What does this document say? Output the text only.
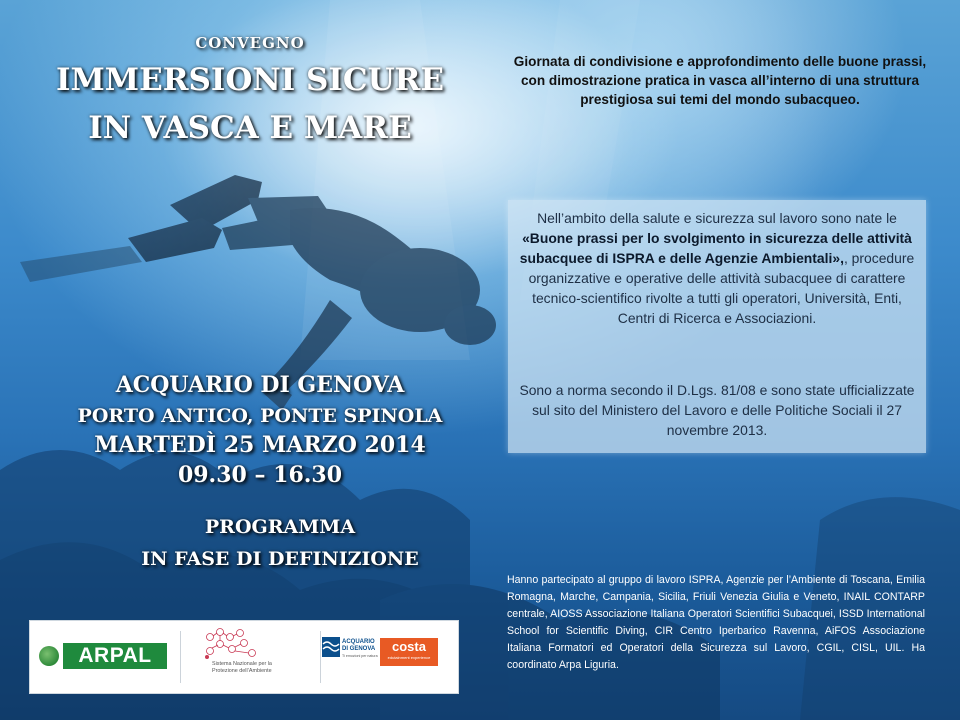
CONVEGNO
IMMERSIONI SICURE
IN VASCA E MARE
ACQUARIO DI GENOVA
PORTO ANTICO, PONTE SPINOLA
MARTEDÌ 25 MARZO 2014
09.30 – 16.30
PROGRAMMA
IN FASE DI DEFINIZIONE
Giornata di condivisione e approfondimento delle buone prassi, con dimostrazione pratica in vasca all’interno di una struttura prestigiosa sui temi del mondo subacqueo.
Nell’ambito della salute e sicurezza sul lavoro sono nate le «Buone prassi per lo svolgimento in sicurezza delle attività subacquee di ISPRA e delle Agenzie Ambientali»,, procedure organizzative e operative delle attività subacquee di carattere tecnico-scientifico rivolte a tutti gli operatori, Università, Enti, Centri di Ricerca e Associazioni.
Sono a norma secondo il D.Lgs. 81/08 e sono state ufficializzate sul sito del Ministero del Lavoro e delle Politiche Sociali il 27 novembre 2013.
Hanno partecipato al gruppo di lavoro ISPRA, Agenzie per l’Ambiente di Toscana, Emilia Romagna, Marche, Campania, Sicilia, Friuli Venezia Giulia e Veneto, INAIL CONTARP centrale, AIOSS Associazione Italiana Operatori Scientifici Subacquei, ISSD International School for Scientific Diving, CIR Centro Iperbarico Ravenna, AiFOS Associazione Italiana Formatori ed Operatori della Sicurezza sul Lavoro, CGIL, CISL, UIL. Ha coordinato Arpa Liguria.
ARPAL	Sistema Nazionale per la Protezione dell’Ambiente
ACQUARIO DI GENOVA
Ti emozioni per natura
costa
edutainment experience
